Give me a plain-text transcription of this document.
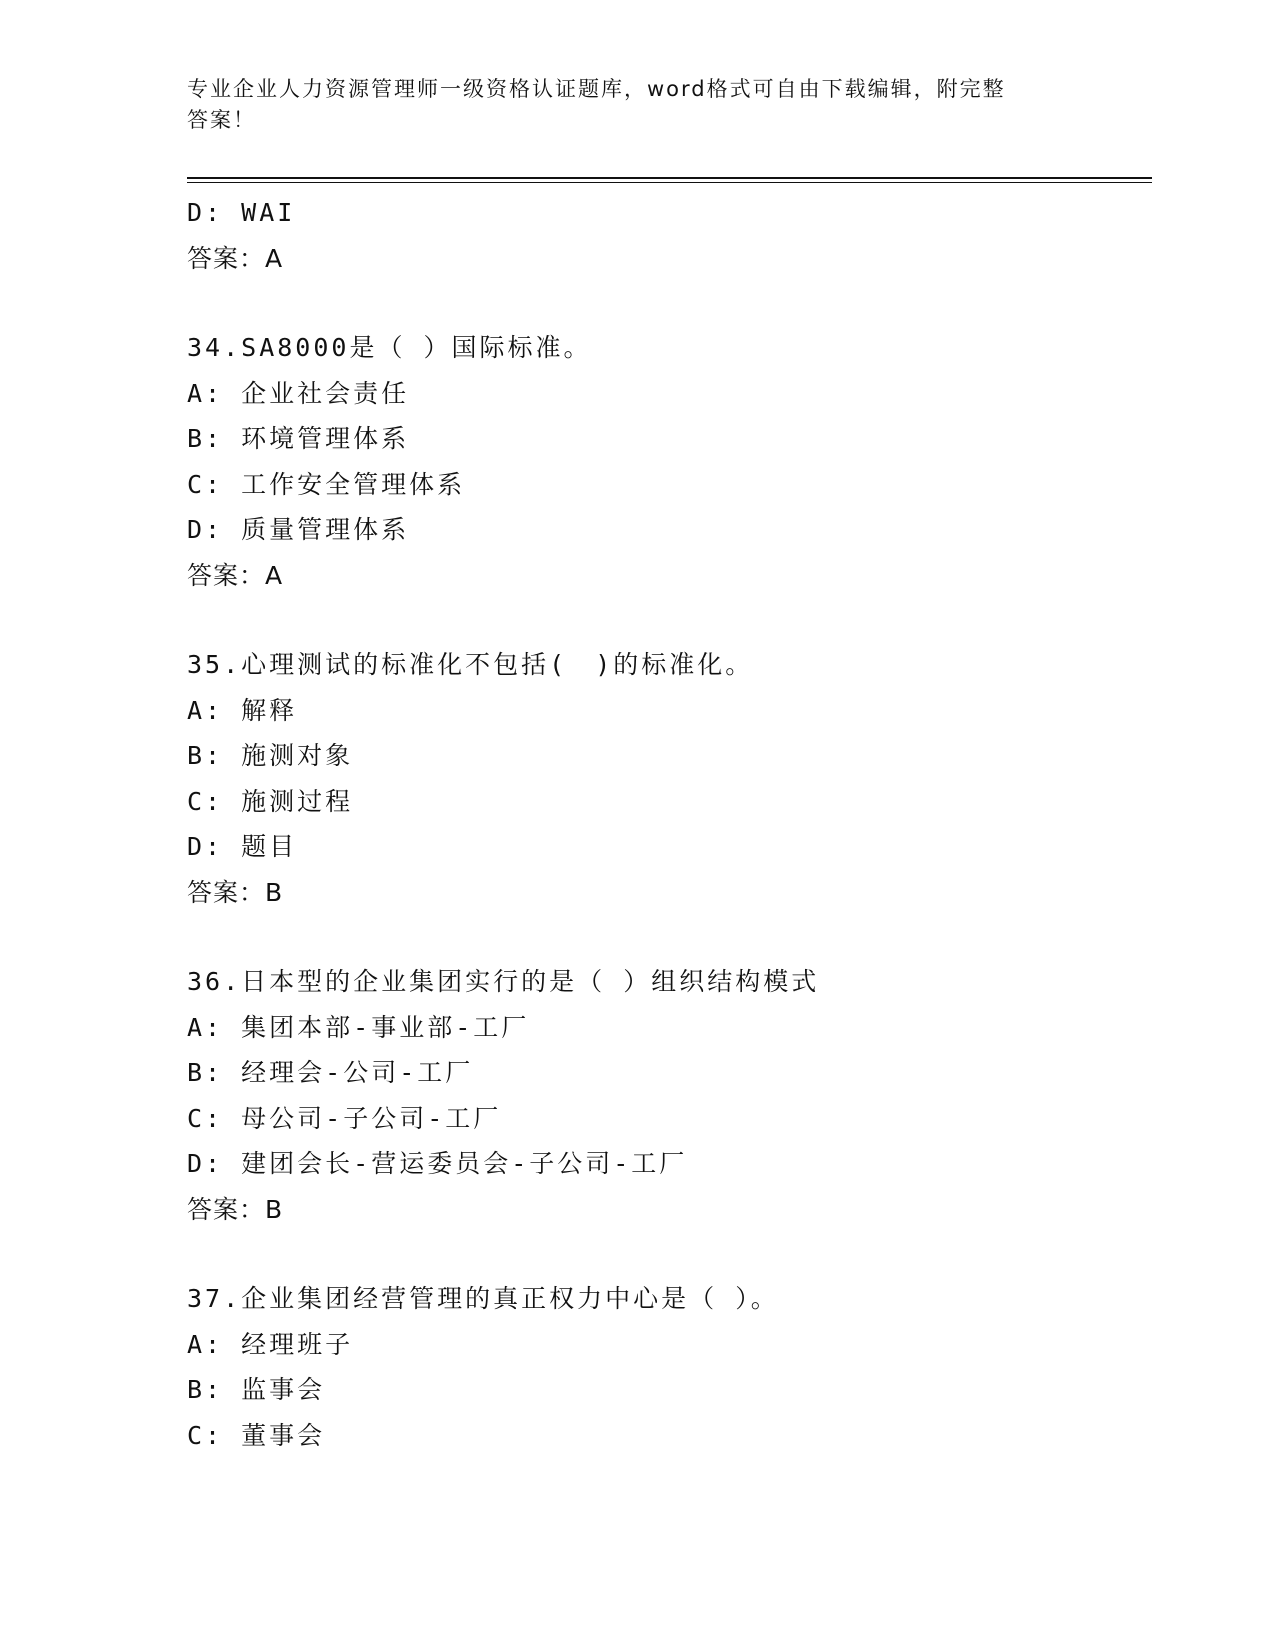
专业企业人力资源管理师一级资格认证题库，word格式可自由下载编辑，附完整
答案！
D: WAI
答案：A
34.SA8000是（ ）国际标准。
A: 企业社会责任
B: 环境管理体系
C: 工作安全管理体系
D: 质量管理体系
答案：A
35.心理测试的标准化不包括(　)的标准化。
A: 解释
B: 施测对象
C: 施测过程
D: 题目
答案：B
36.日本型的企业集团实行的是（ ）组织结构模式
A: 集团本部-事业部-工厂
B: 经理会-公司-工厂
C: 母公司-子公司-工厂
D: 建团会长-营运委员会-子公司-工厂
答案：B
37.企业集团经营管理的真正权力中心是（ ）。
A: 经理班子
B: 监事会
C: 董事会
